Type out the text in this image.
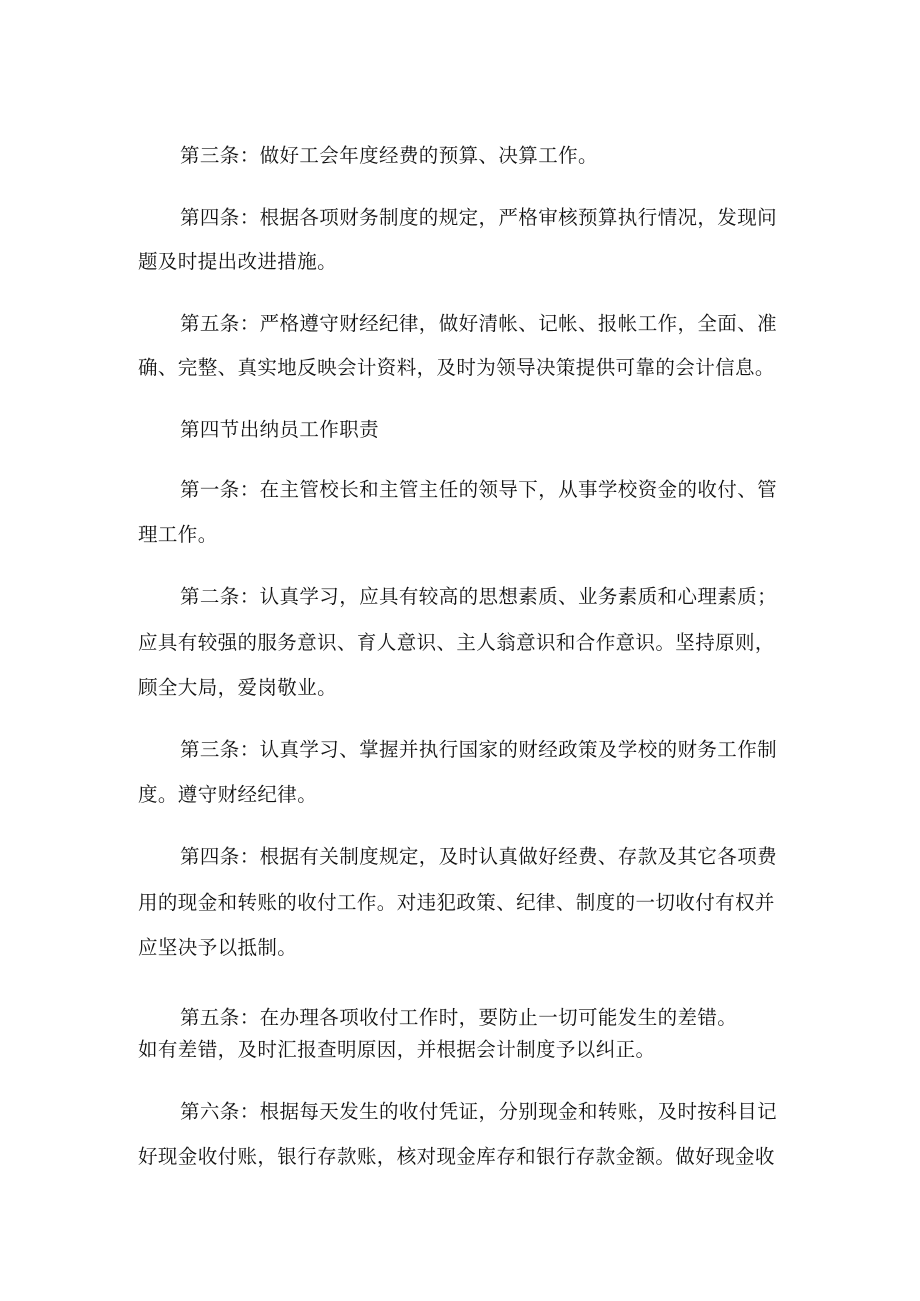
第三条：做好工会年度经费的预算、决算工作。
第四条：根据各项财务制度的规定，严格审核预算执行情况，发现问
题及时提出改进措施。
第五条：严格遵守财经纪律，做好清帐、记帐、报帐工作，全面、准
确、完整、真实地反映会计资料，及时为领导决策提供可靠的会计信息。
第四节出纳员工作职责
第一条：在主管校长和主管主任的领导下，从事学校资金的收付、管
理工作。
第二条：认真学习，应具有较高的思想素质、业务素质和心理素质；
应具有较强的服务意识、育人意识、主人翁意识和合作意识。坚持原则，
顾全大局，爱岗敬业。
第三条：认真学习、掌握并执行国家的财经政策及学校的财务工作制
度。遵守财经纪律。
第四条：根据有关制度规定，及时认真做好经费、存款及其它各项费
用的现金和转账的收付工作。对违犯政策、纪律、制度的一切收付有权并
应坚决予以抵制。
第五条：在办理各项收付工作时，要防止一切可能发生的差错。
如有差错，及时汇报查明原因，并根据会计制度予以纠正。
第六条：根据每天发生的收付凭证，分别现金和转账，及时按科目记
好现金收付账，银行存款账，核对现金库存和银行存款金额。做好现金收
